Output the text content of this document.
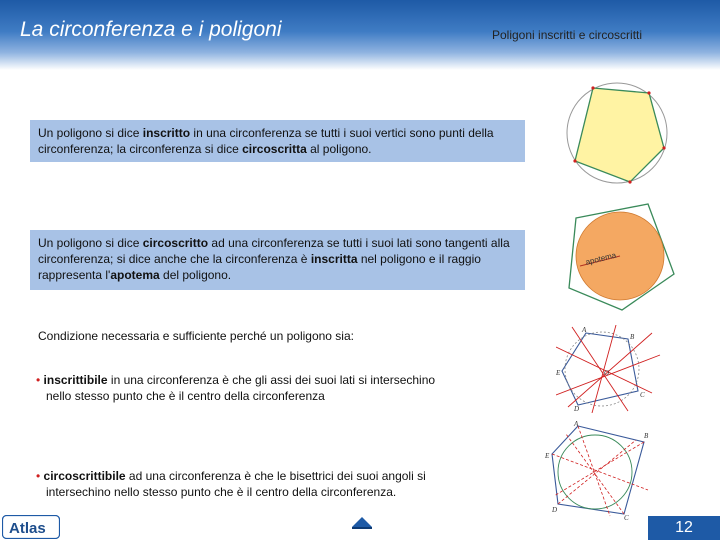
La circonferenza e i poligoni	Poligoni inscritti e circoscritti
Un poligono si dice inscritto in una circonferenza se tutti i suoi vertici sono punti della circonferenza; la circonferenza si dice circoscritta al poligono.
Un poligono si dice circoscritto ad una circonferenza se tutti i suoi lati sono tangenti alla circonferenza; si dice anche che la circonferenza è inscritta nel poligono e il raggio rappresenta l'apotema del poligono.
Condizione necessaria e sufficiente perché un poligono sia:
• inscrittibile in una circonferenza è che gli assi dei suoi lati si intersechino
nello stesso punto che è il centro della circonferenza
• circoscrittibile ad una circonferenza è che le bisettrici dei suoi angoli si
intersechino nello stesso punto che è il centro della circonferenza.
apotema
A
B
C
D
E	O
A
B
C
D
E
Atlas	12
